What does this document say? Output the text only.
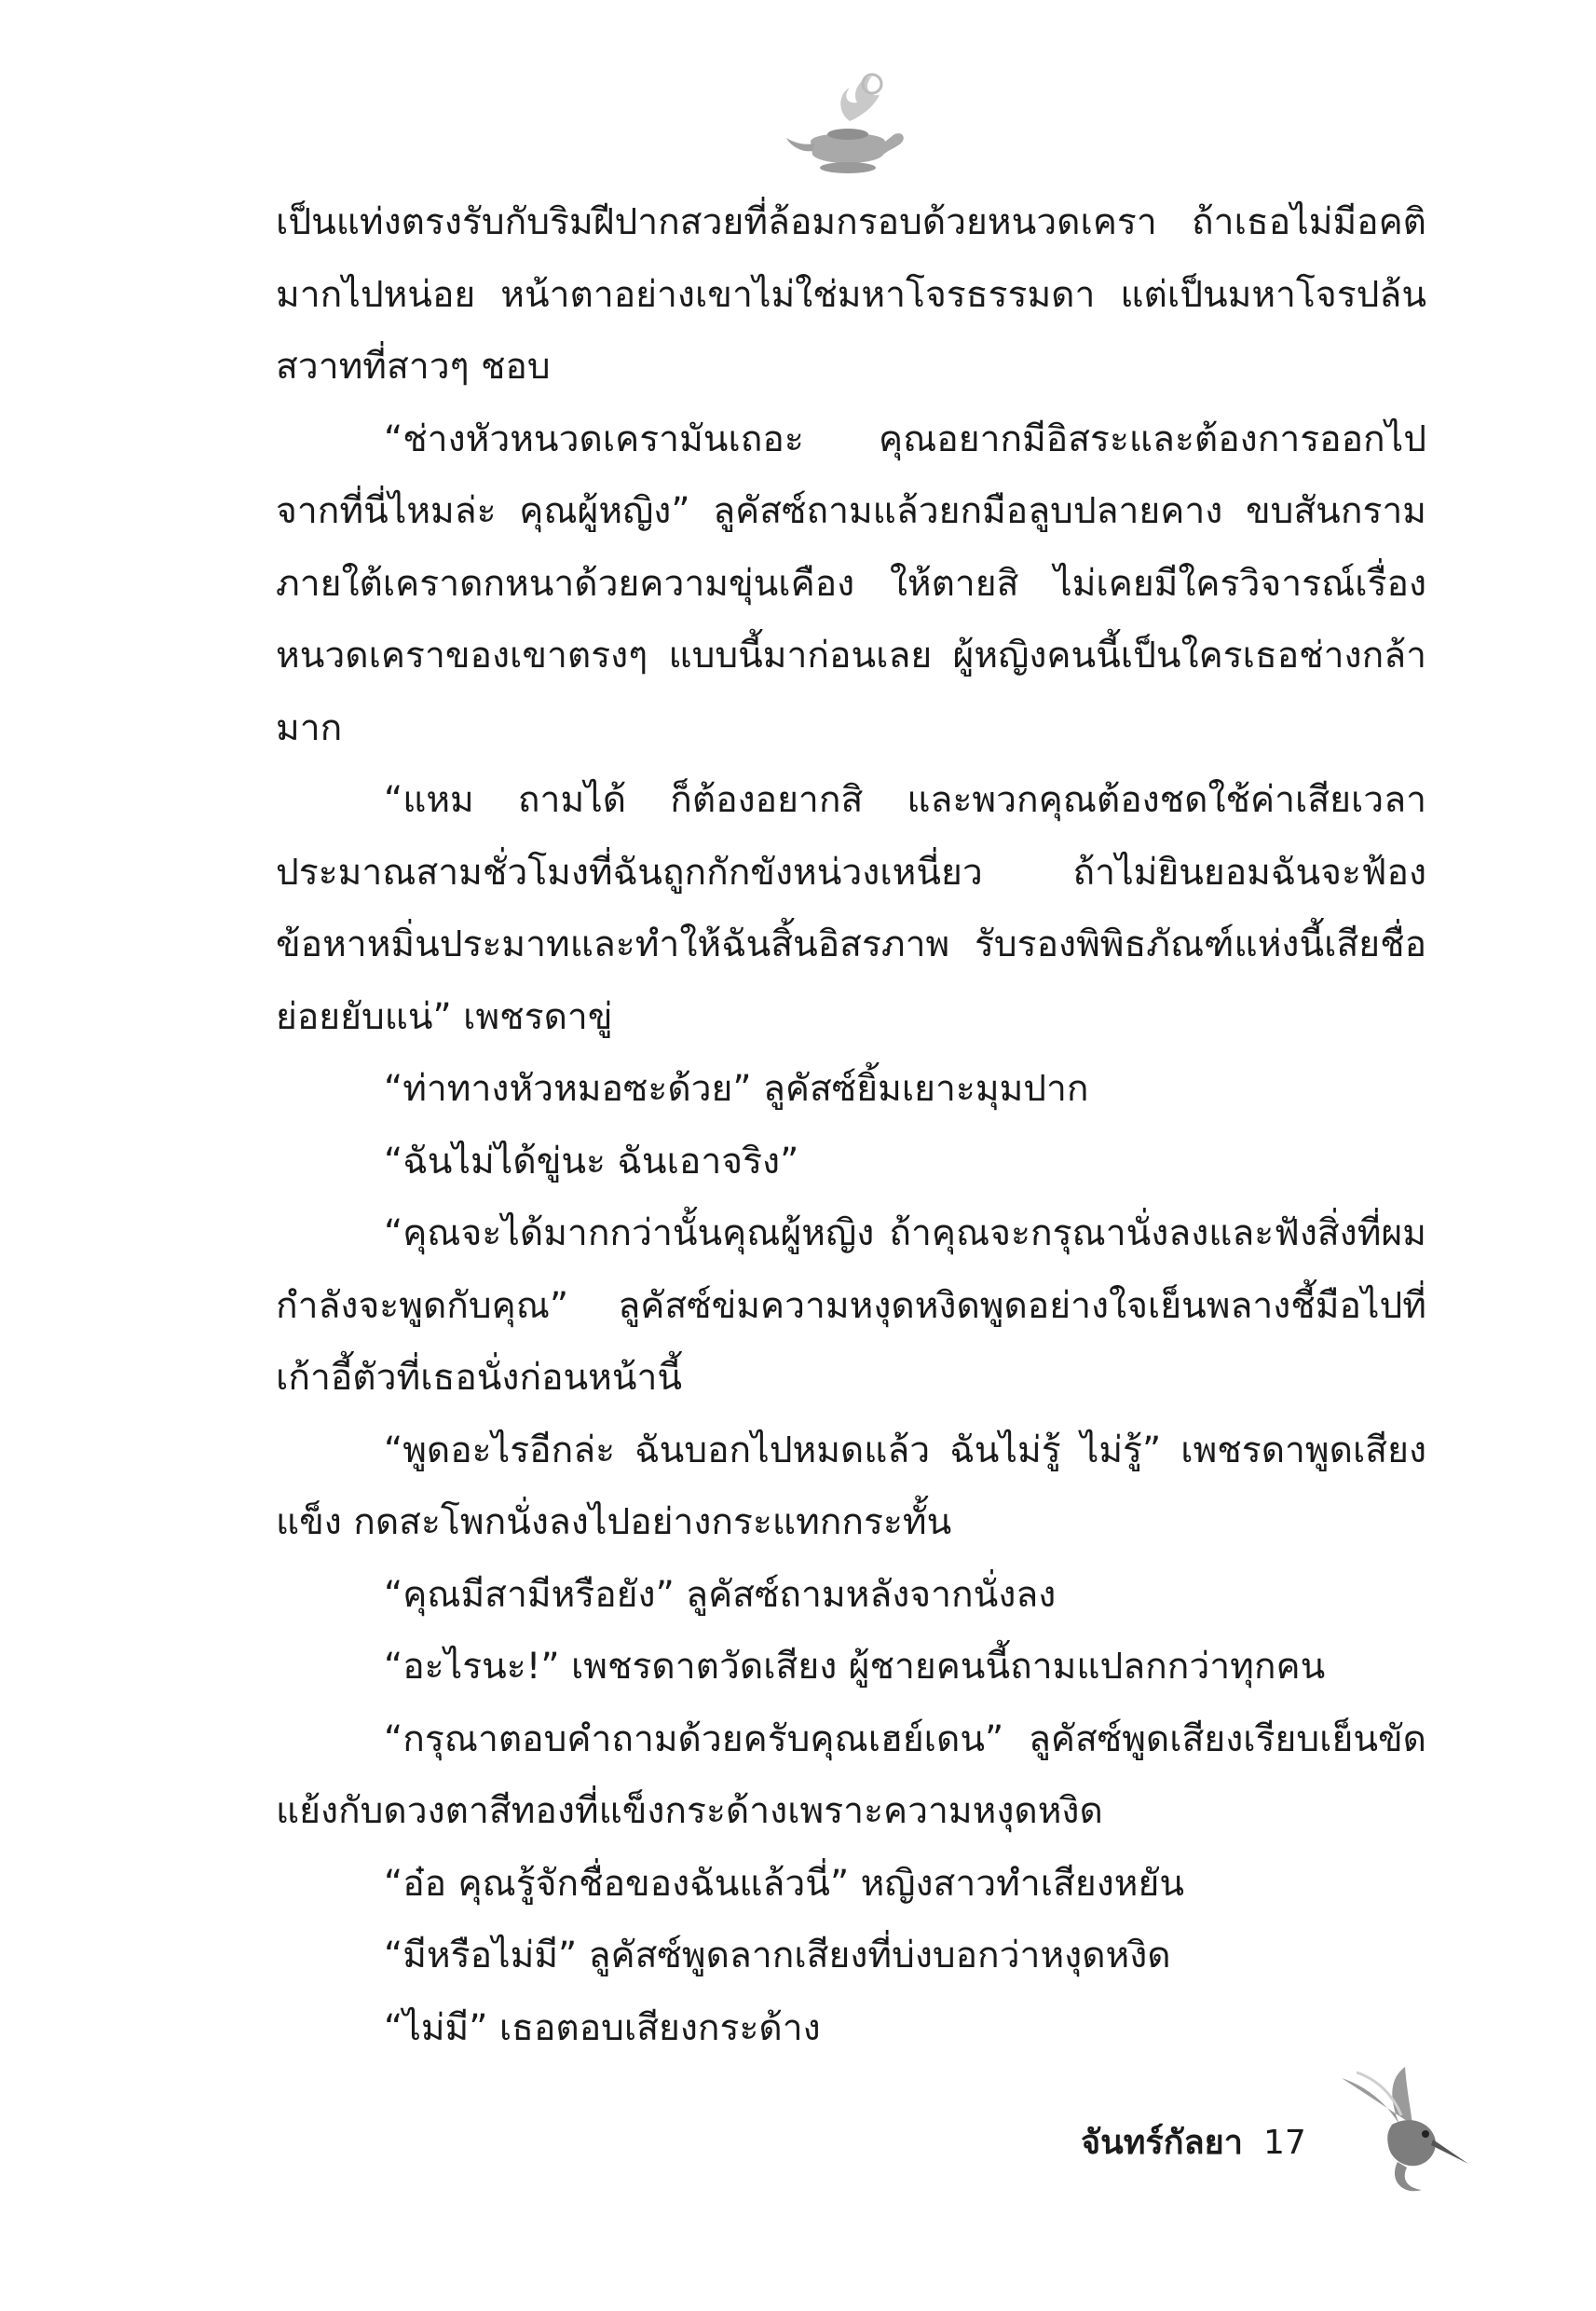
เป็นแท่งตรงรับกับริมฝีปากสวยที่ล้อมกรอบด้วยหนวดเครา ถ้าเธอไม่มีอคติมากไปหน่อย หน้าตาอย่างเขาไม่ใช่มหาโจรธรรมดา แต่เป็นมหาโจรปล้นสวาทที่สาวๆ ชอบ

“ช่างหัวหนวดเครามันเถอะ คุณอยากมีอิสระและต้องการออกไปจากที่นี่ไหมล่ะ คุณผู้หญิง” ลูคัสซ์ถามแล้วยกมือลูบปลายคาง ขบสันกรามภายใต้เคราดกหนาด้วยความขุ่นเคือง ให้ตายสิ ไม่เคยมีใครวิจารณ์เรื่องหนวดเคราของเขาตรงๆ แบบนี้มาก่อนเลย ผู้หญิงคนนี้เป็นใครเธอช่างกล้ามาก

“แหม ถามได้ ก็ต้องอยากสิ และพวกคุณต้องชดใช้ค่าเสียเวลาประมาณสามชั่วโมงที่ฉันถูกกักขังหน่วงเหนี่ยว ถ้าไม่ยินยอมฉันจะฟ้องข้อหาหมิ่นประมาทและทำให้ฉันสิ้นอิสรภาพ รับรองพิพิธภัณฑ์แห่งนี้เสียชื่อย่อยยับแน่” เพชรดาขู่

“ท่าทางหัวหมอซะด้วย” ลูคัสซ์ยิ้มเยาะมุมปาก

“ฉันไม่ได้ขู่นะ ฉันเอาจริง”

“คุณจะได้มากกว่านั้นคุณผู้หญิง ถ้าคุณจะกรุณานั่งลงและฟังสิ่งที่ผมกำลังจะพูดกับคุณ” ลูคัสซ์ข่มความหงุดหงิดพูดอย่างใจเย็นพลางชี้มือไปที่เก้าอี้ตัวที่เธอนั่งก่อนหน้านี้

“พูดอะไรอีกล่ะ ฉันบอกไปหมดแล้ว ฉันไม่รู้ ไม่รู้” เพชรดาพูดเสียงแข็ง กดสะโพกนั่งลงไปอย่างกระแทกกระทั้น

“คุณมีสามีหรือยัง” ลูคัสซ์ถามหลังจากนั่งลง

“อะไรนะ!” เพชรดาตวัดเสียง ผู้ชายคนนี้ถามแปลกกว่าทุกคน

“กรุณาตอบคำถามด้วยครับคุณเฮย์เดน” ลูคัสซ์พูดเสียงเรียบเย็นขัดแย้งกับดวงตาสีทองที่แข็งกระด้างเพราะความหงุดหงิด

“อ๋อ คุณรู้จักชื่อของฉันแล้วนี่” หญิงสาวทำเสียงหยัน

“มีหรือไม่มี” ลูคัสซ์พูดลากเสียงที่บ่งบอกว่าหงุดหงิด

“ไม่มี” เธอตอบเสียงกระด้าง

จันทร์กัลยา 17
